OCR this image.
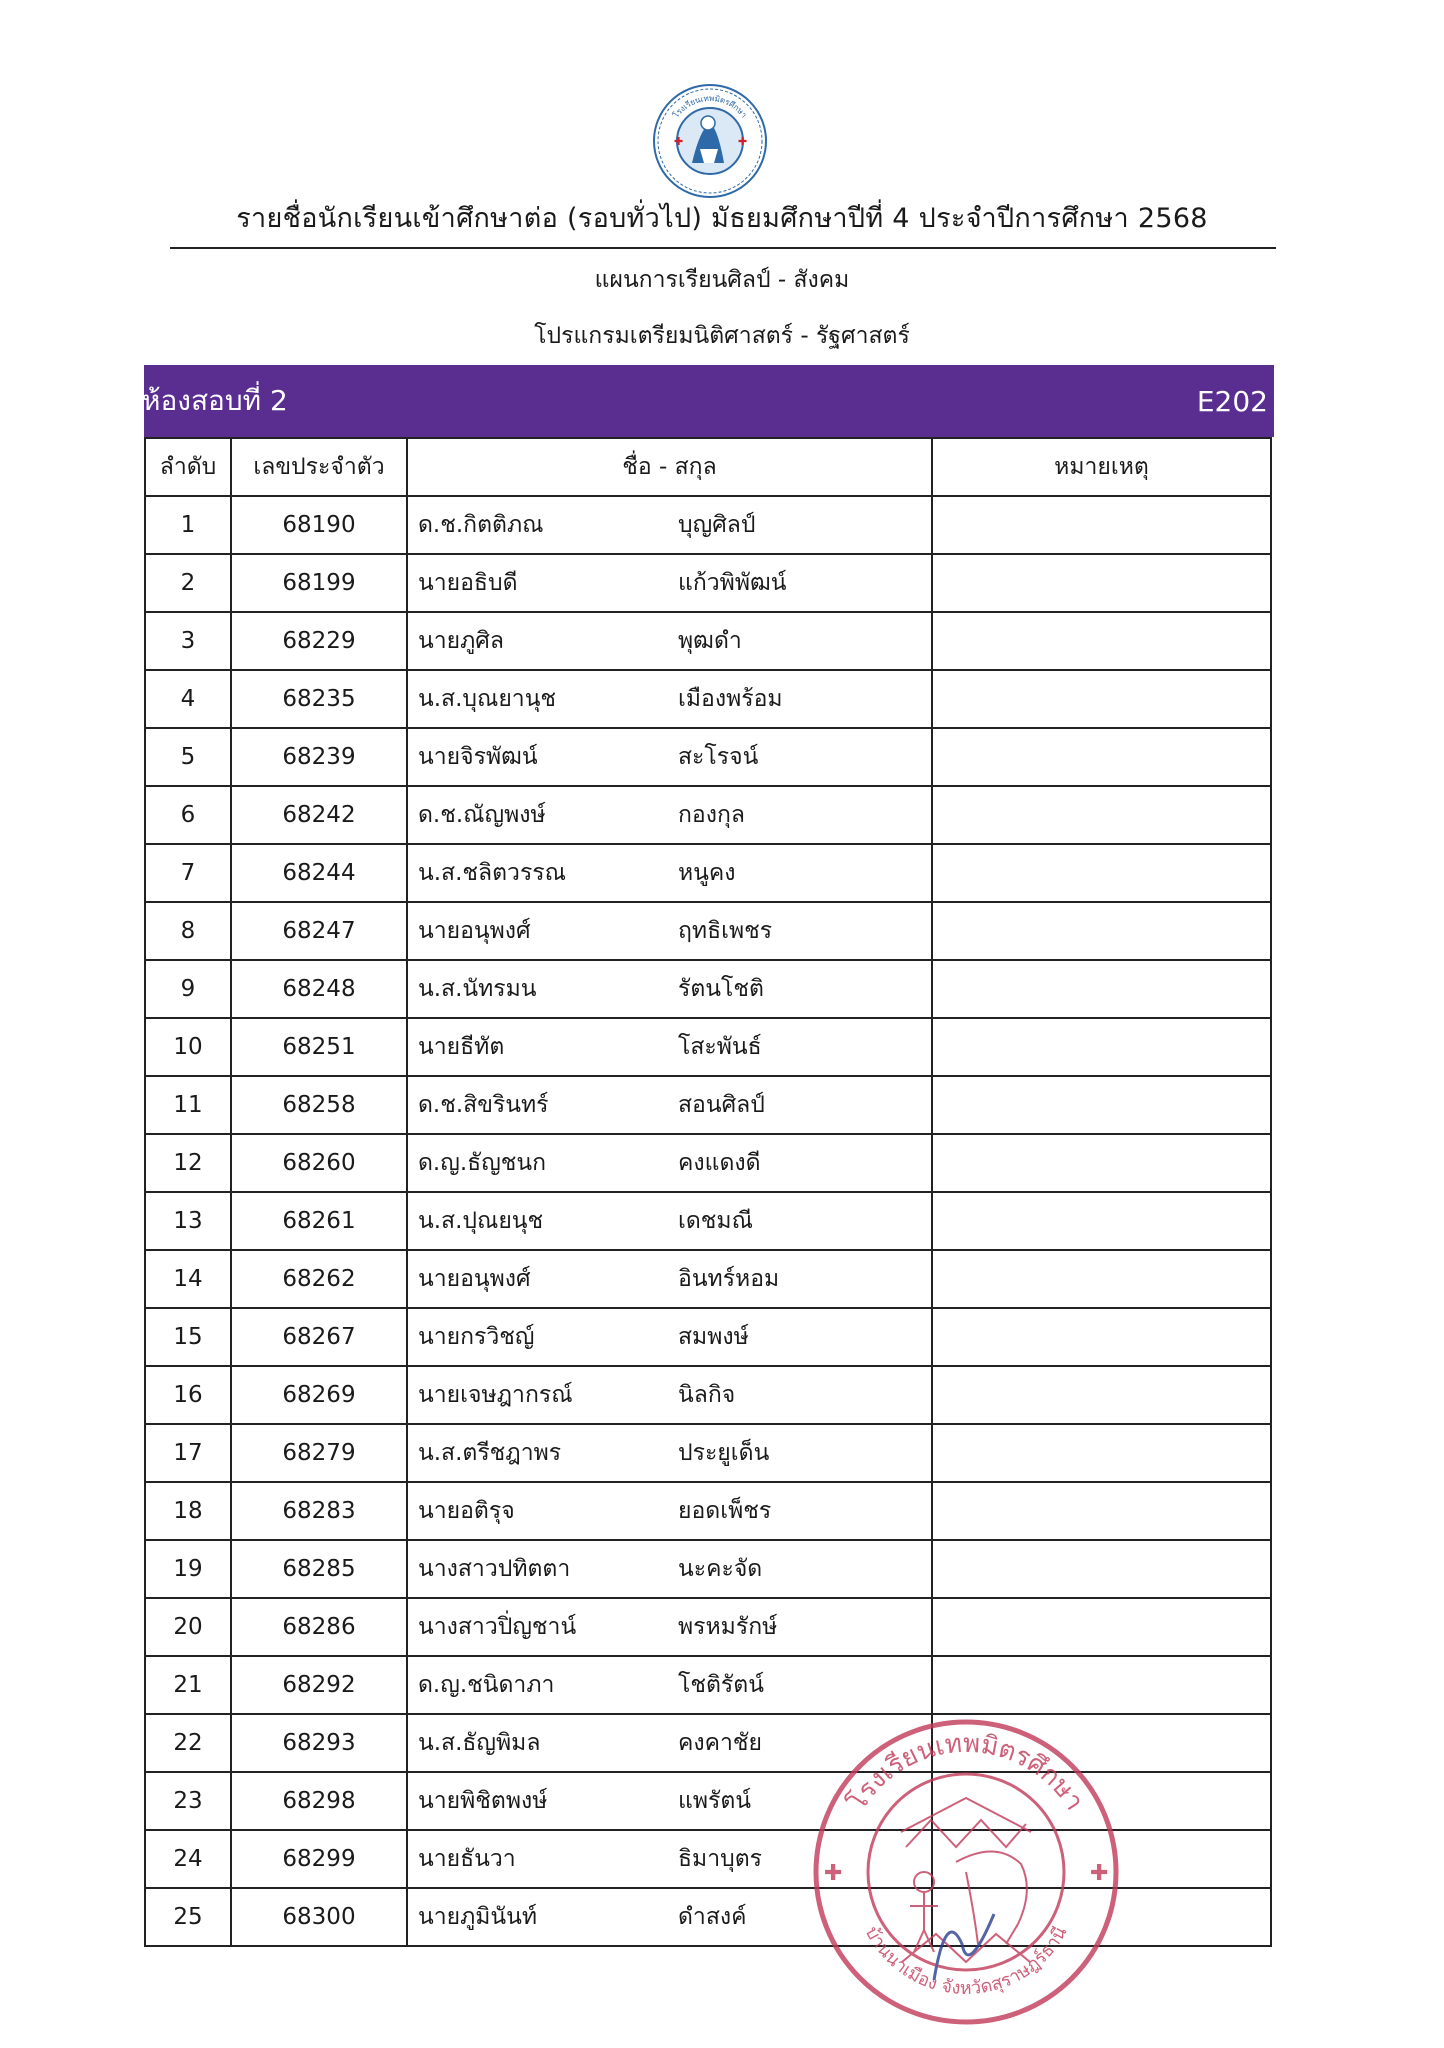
✚	✚
โรงเรียนเทพมิตรศึกษา
รายชื่อนักเรียนเข้าศึกษาต่อ (รอบทั่วไป) มัธยมศึกษาปีที่ 4 ประจำปีการศึกษา 2568
แผนการเรียนศิลป์ - สังคม
โปรแกรมเตรียมนิติศาสตร์ - รัฐศาสตร์
ห้องสอบที่ 2	E202
ลำดับ	เลขประจำตัว	ชื่อ - สกุล	หมายเหตุ
1	68190	ด.ช.กิตติภณ บุญศิลป์	

2	68199	นายอธิบดี แก้วพิพัฒน์	

3	68229	นายภูศิล พุฒดำ	

4	68235	น.ส.บุณยานุช เมืองพร้อม	

5	68239	นายจิรพัฒน์ สะโรจน์	

6	68242	ด.ช.ณัญพงษ์ กองกุล	

7	68244	น.ส.ชลิตวรรณ หนูคง	

8	68247	นายอนุพงศ์ ฤทธิเพชร	

9	68248	น.ส.นัทรมน รัตนโชติ	

10	68251	นายธีทัต โสะพันธ์	

11	68258	ด.ช.สิขรินทร์ สอนศิลป์	

12	68260	ด.ญ.ธัญชนก คงแดงดี	

13	68261	น.ส.ปุณยนุช เดชมณี	

14	68262	นายอนุพงศ์ อินทร์หอม	

15	68267	นายกรวิชญ์ สมพงษ์	

16	68269	นายเจษฎากรณ์ นิลกิจ	

17	68279	น.ส.ตรีชฎาพร ประยูเด็น	

18	68283	นายอติรุจ ยอดเพ็ชร	

19	68285	นางสาวปทิตตา นะคะจัด	

20	68286	นางสาวปิ่ญชาน์ พรหมรักษ์	

21	68292	ด.ญ.ชนิดาภา โชติรัตน์	

22	68293	น.ส.ธัญพิมล คงคาชัย	

23	68298	นายพิชิตพงษ์ แพรัตน์	

24	68299	นายธันวา ธิมาบุตร	

25	68300	นายภูมินันท์ ดำสงค์	

โรงเรียนเทพมิตรศึกษา
บ้านนาเมือง จังหวัดสุราษฎร์ธานี
✚	✚
